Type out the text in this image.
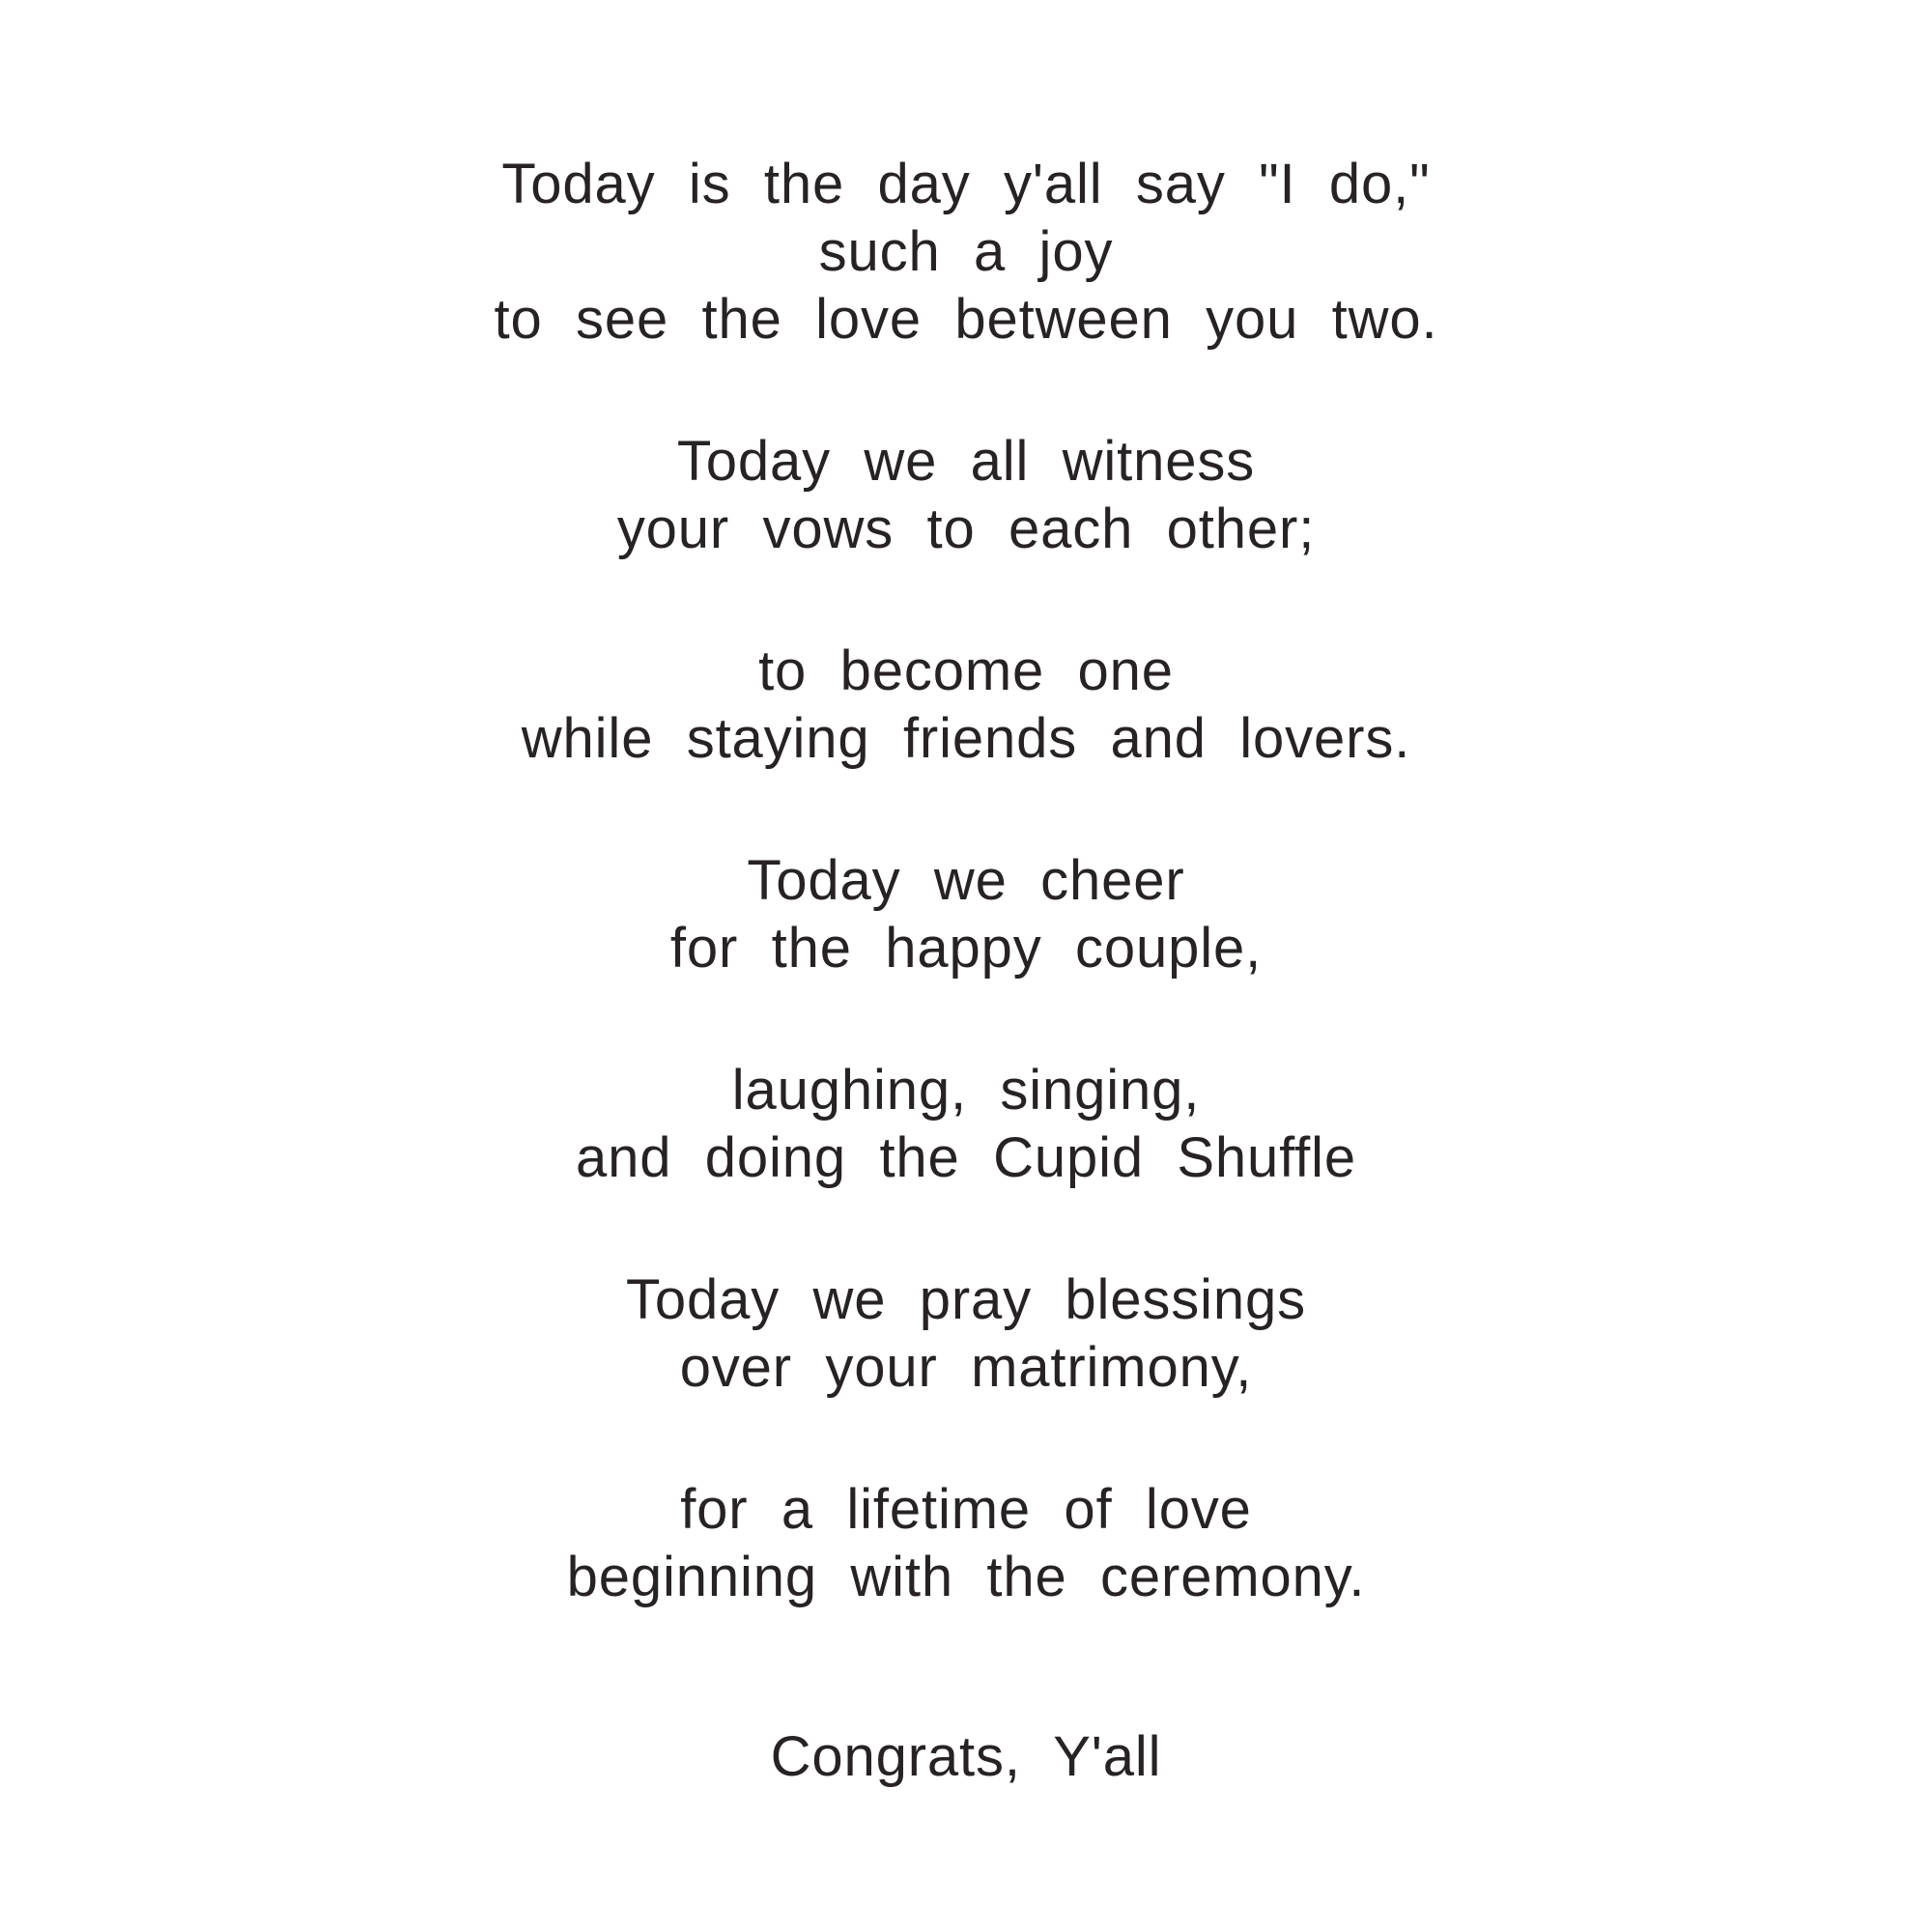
Today is the day y'all say "I do,"
such a joy
to see the love between you two.
Today we all witness
your vows to each other;
to become one
while staying friends and lovers.
Today we cheer
for the happy couple,
laughing, singing,
and doing the Cupid Shuffle
Today we pray blessings
over your matrimony,
for a lifetime of love
beginning with the ceremony.
Congrats, Y'all
